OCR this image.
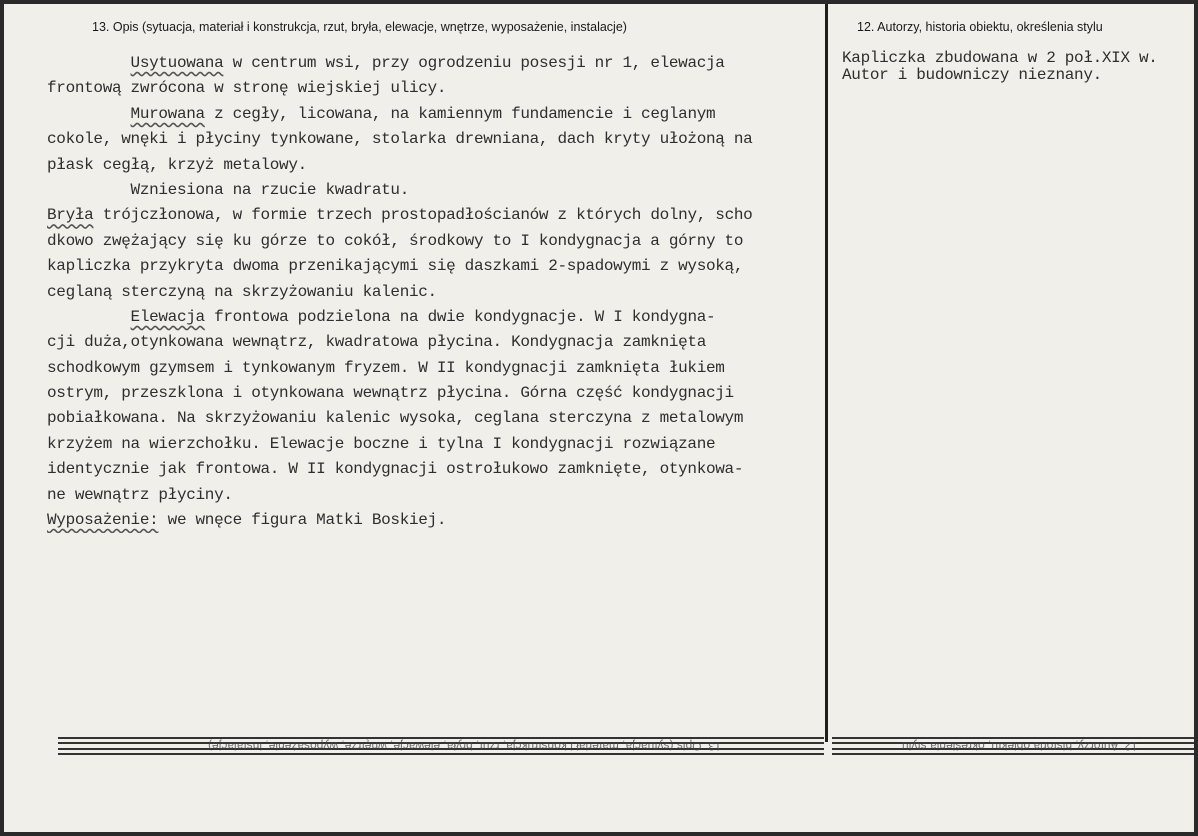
13. Opis (sytuacja, materiał i konstrukcja, rzut, bryła, elewacje, wnętrze, wyposażenie, instalacje)	12. Autorzy, historia obiektu, określenia stylu
Usytuowana w centrum wsi, przy ogrodzeniu posesji nr 1, elewacja
frontową zwrócona w stronę wiejskiej ulicy.
Murowana z cegły, licowana, na kamiennym fundamencie i ceglanym
cokole, wnęki i płyciny tynkowane, stolarka drewniana, dach kryty ułożoną na
płask cegłą, krzyż metalowy.
Wzniesiona na rzucie kwadratu.
Bryła trójczłonowa, w formie trzech prostopadłościanów z których dolny, scho
dkowo zwężający się ku górze to cokół, środkowy to I kondygnacja a górny to
kapliczka przykryta dwoma przenikającymi się daszkami 2-spadowymi z wysoką,
ceglaną sterczyną na skrzyżowaniu kalenic.
Elewacja frontowa podzielona na dwie kondygnacje. W I kondygna-
cji duża,otynkowana wewnątrz, kwadratowa płycina. Kondygnacja zamknięta
schodkowym gzymsem i tynkowanym fryzem. W II kondygnacji zamknięta łukiem
ostrym, przeszklona i otynkowana wewnątrz płycina. Górna część kondygnacji
pobiałkowana. Na skrzyżowaniu kalenic wysoka, ceglana sterczyna z metalowym
krzyżem na wierzchołku. Elewacje boczne i tylna I kondygnacji rozwiązane
identycznie jak frontowa. W II kondygnacji ostrołukowo zamknięte, otynkowa-
ne wewnątrz płyciny.
Wyposażenie: we wnęce figura Matki Boskiej.
Kapliczka zbudowana w 2 poł.XIX w.
Autor i budowniczy nieznany.
13. Opis (sytuacja, materiał i konstrukcja, rzut, bryła, elewacje, wnętrze, wyposażenie, instalacje)	12. Autorzy, historia obiektu, określenia stylu
